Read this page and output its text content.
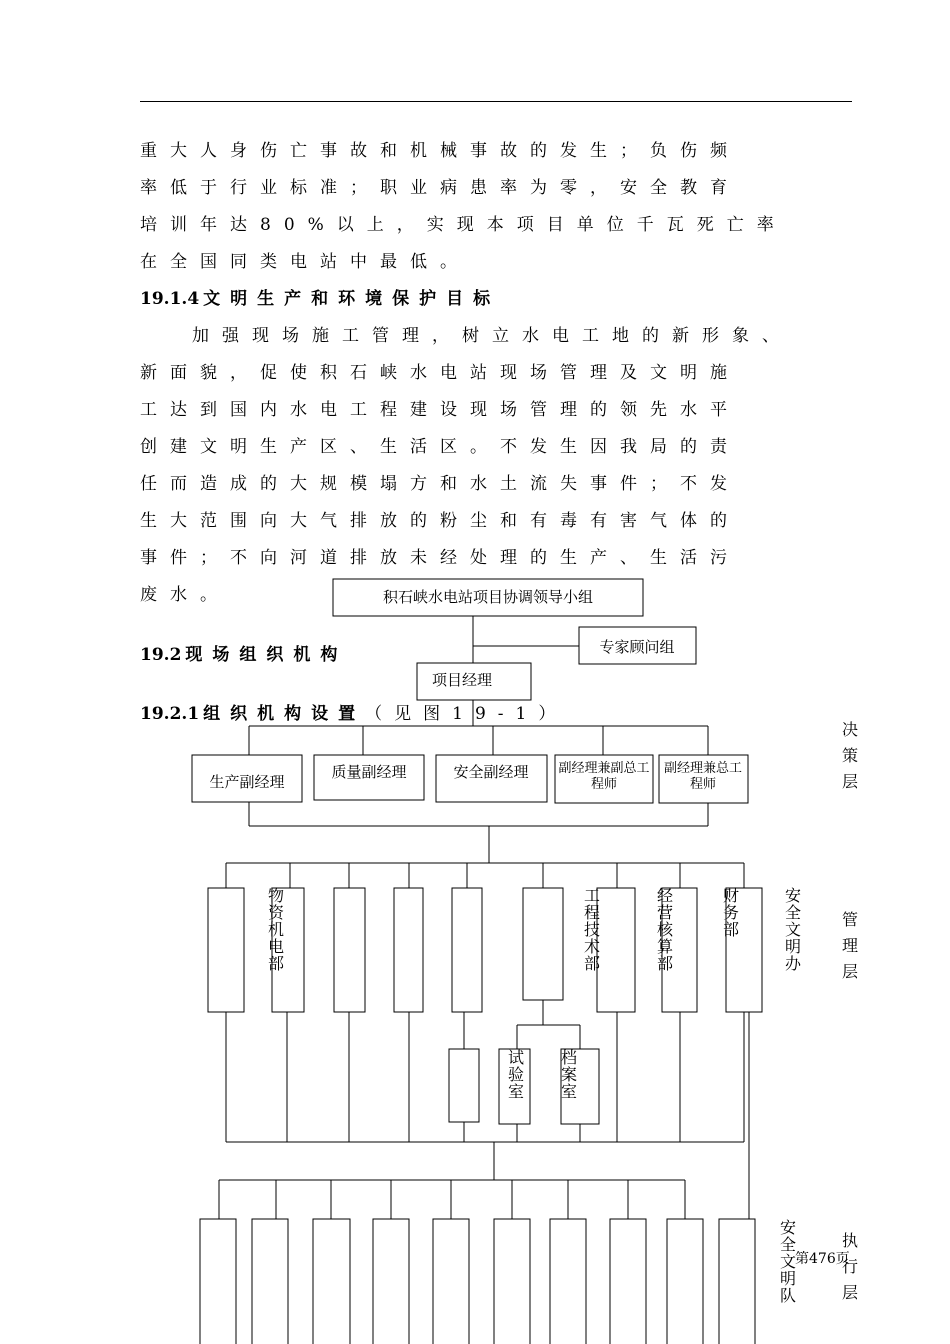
重大人身伤亡事故和机械事故的发生；负伤频
率低于行业标准；职业病患率为零，安全教育
培训年达80%以上，实现本项目单位千瓦死亡率
在全国同类电站中最低。
19.1.4 文明生产和环境保护目标
加强现场施工管理，树立水电工地的新形象、
新面貌，促使积石峡水电站现场管理及文明施
工达到国内水电工程建设现场管理的领先水平
创建文明生产区、生活区。不发生因我局的责
任而造成的大规模塌方和水土流失事件；不发
生大范围向大气排放的粉尘和有毒有害气体的
事件；不向河道排放未经处理的生产、生活污
废水。
19.2 现场组织机构
19.2.1 组织机构设置（见图19-1）
积石峡水电站项目协调领导小组
专家顾问组
项目经理
生产副经理
质量副经理	安全副经理 副经理兼副总工程师
副经理兼总工程师
物
资
机
电
部
工
程
技
术
部
经
营
核
算
部
财
务
部
安
全
文
明
办
试
验
室
档
案
室
安
全
文
明
队
决
策
层
管
理
层
执
行
层
第476页
